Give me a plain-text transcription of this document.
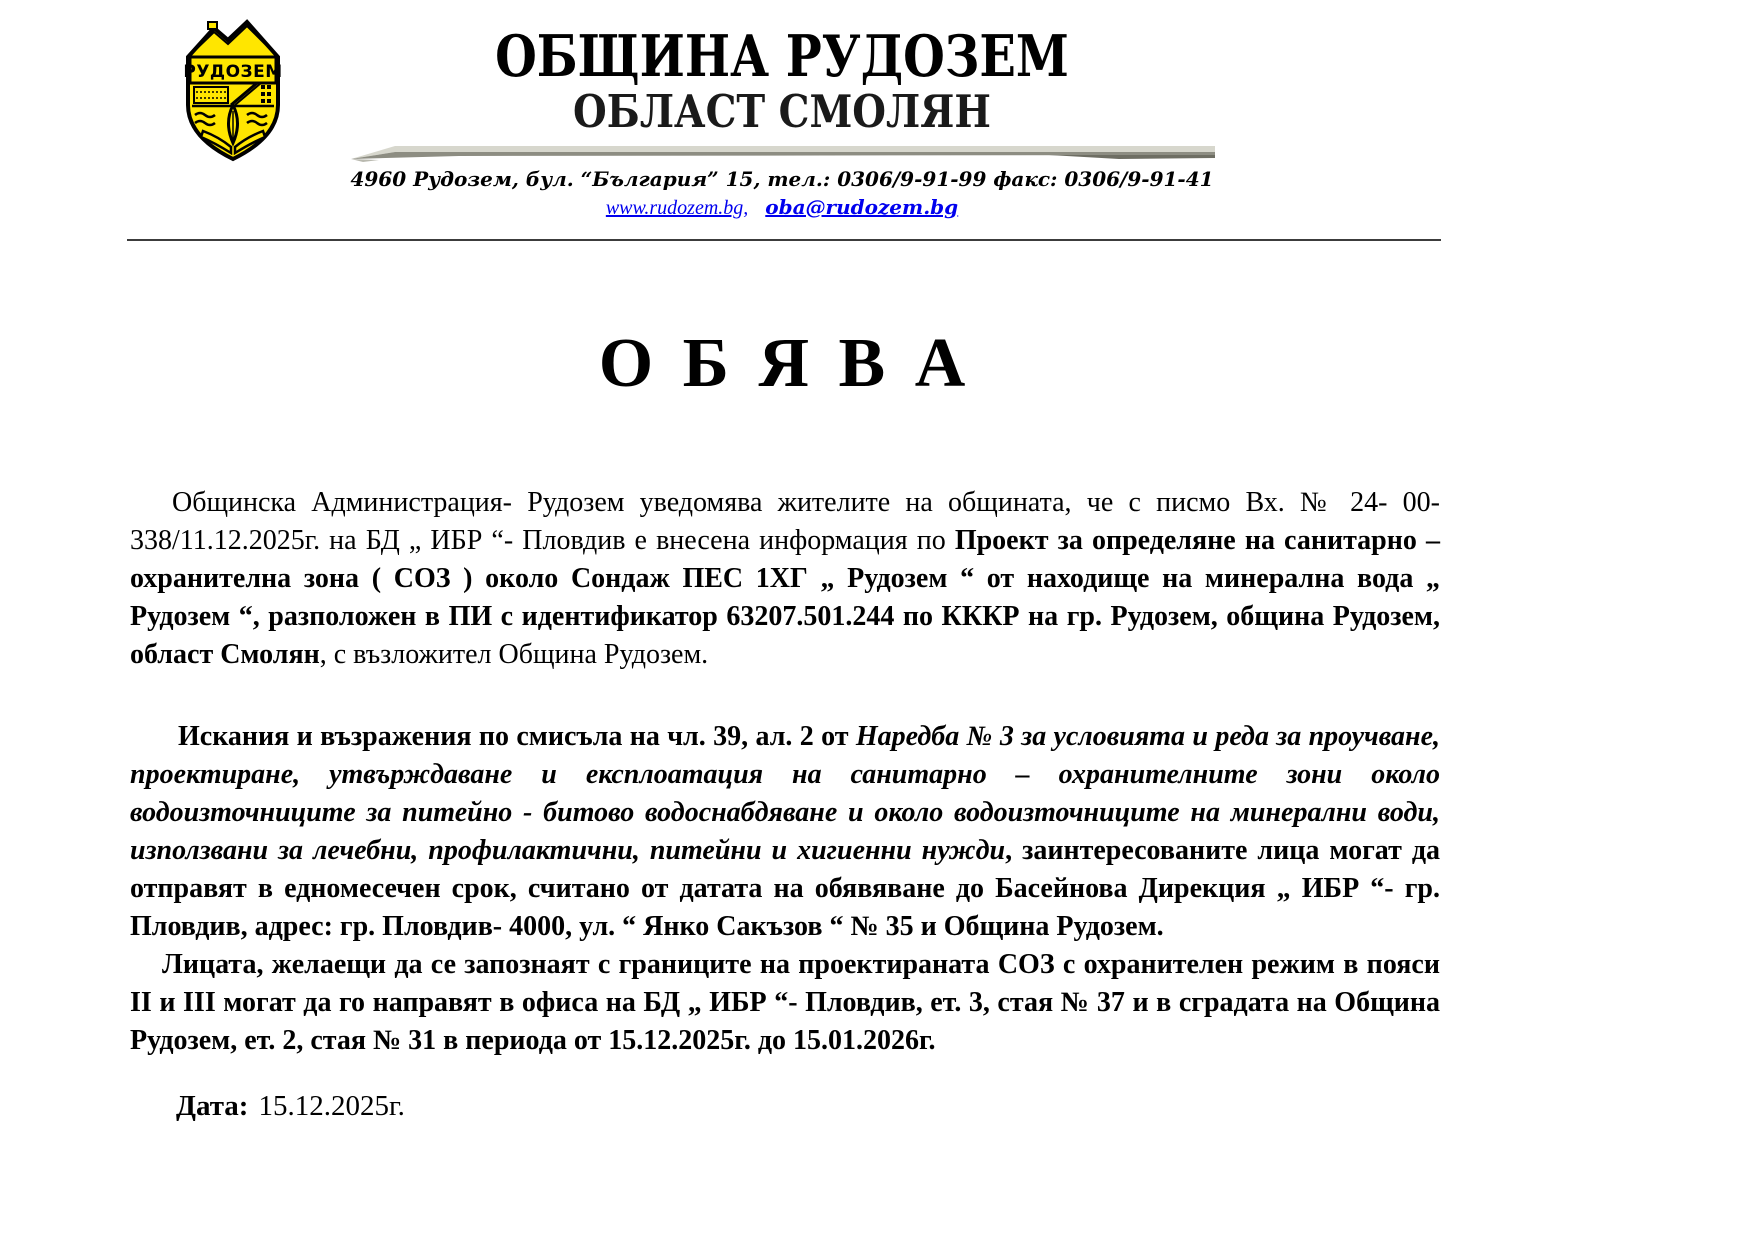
РУДОЗЕМ	ОБЩИНА РУДОЗЕМ
ОБЛАСТ СМОЛЯН
4960 Рудозем, бул. “България” 15, тел.: 0306/9-91-99 факс: 0306/9-91-41
www.rudozem.bg, oba@rudozem.bg
О Б Я В А

Общинска Администрация- Рудозем уведомява жителите на общината, че с писмо Вх. № 24- 00-338/11.12.2025г. на БД „ ИБР “- Пловдив е внесена информация по Проект за определяне на санитарно – охранителна зона ( СОЗ ) около Сондаж ПЕС 1ХГ „ Рудозем “ от находище на минерална вода „ Рудозем “, разположен в ПИ с идентификатор 63207.501.244 по КККР на гр. Рудозем, община Рудозем, област Смолян, с възложител Община Рудозем.

Искания и възражения по смисъла на чл. 39, ал. 2 от Наредба № 3 за условията и реда за проучване, проектиране, утвърждаване и експлоатация на санитарно – охранителните зони около водоизточниците за питейно - битово водоснабдяване и около водоизточниците на минерални води, използвани за лечебни, профилактични, питейни и хигиенни нужди, заинтересованите лица могат да отправят в едномесечен срок, считано от датата на обявяване до Басейнова Дирекция „ ИБР “- гр. Пловдив, адрес: гр. Пловдив- 4000, ул. “ Янко Сакъзов “ № 35 и Община Рудозем.

Лицата, желаещи да се запознаят с границите на проектираната СОЗ с охранителен режим в пояси II и III могат да го направят в офиса на БД „ ИБР “- Пловдив, ет. 3, стая № 37 и в сградата на Община Рудозем, ет. 2, стая № 31 в периода от 15.12.2025г. до 15.01.2026г.

Дата: 15.12.2025г.
